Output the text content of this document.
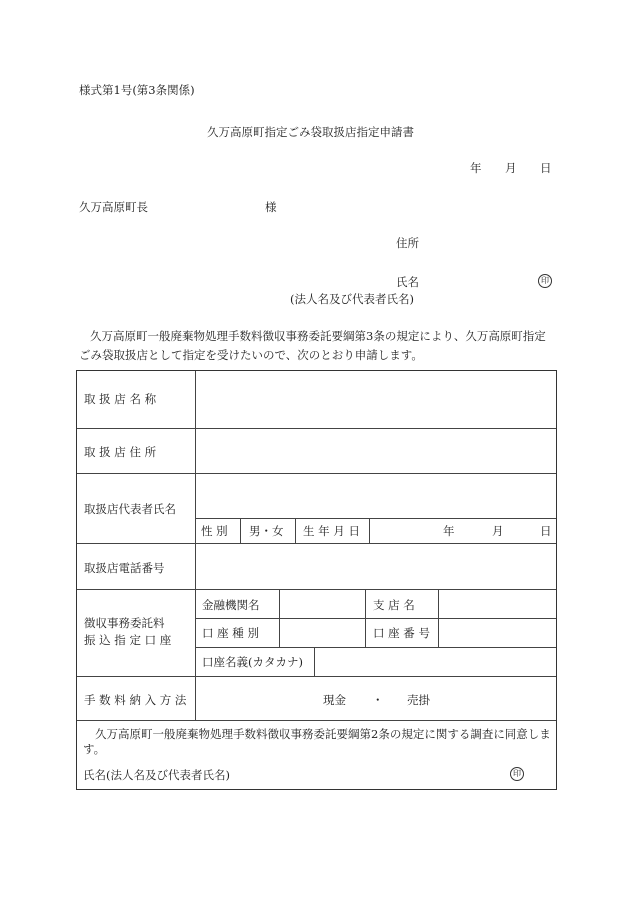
様式第1号(第3条関係)
久万高原町指定ごみ袋取扱店指定申請書
年 月 日
久万高原町長	様
住所
氏名	印
(法人名及び代表者氏名)
久万高原町一般廃棄物処理手数料徴収事務委託要綱第3条の規定により、久万高原町指定ごみ袋取扱店として指定を受けたいので、次のとおり申請します。
取 扱 店 名 称
取 扱 店 住 所
取扱店代表者氏名
性 別 男・女 生 年 月 日	年	月	日
取扱店電話番号
徴収事務委託料
振 込 指 定 口 座
金融機関名	支 店 名
口 座 種 別	口 座 番 号
口座名義(カタカナ)
手 数 料 納 入 方 法	現金 ・ 売掛
久万高原町一般廃棄物処理手数料徴収事務委託要綱第2条の規定に関する調査に同意します。
氏名(法人名及び代表者氏名)	印
